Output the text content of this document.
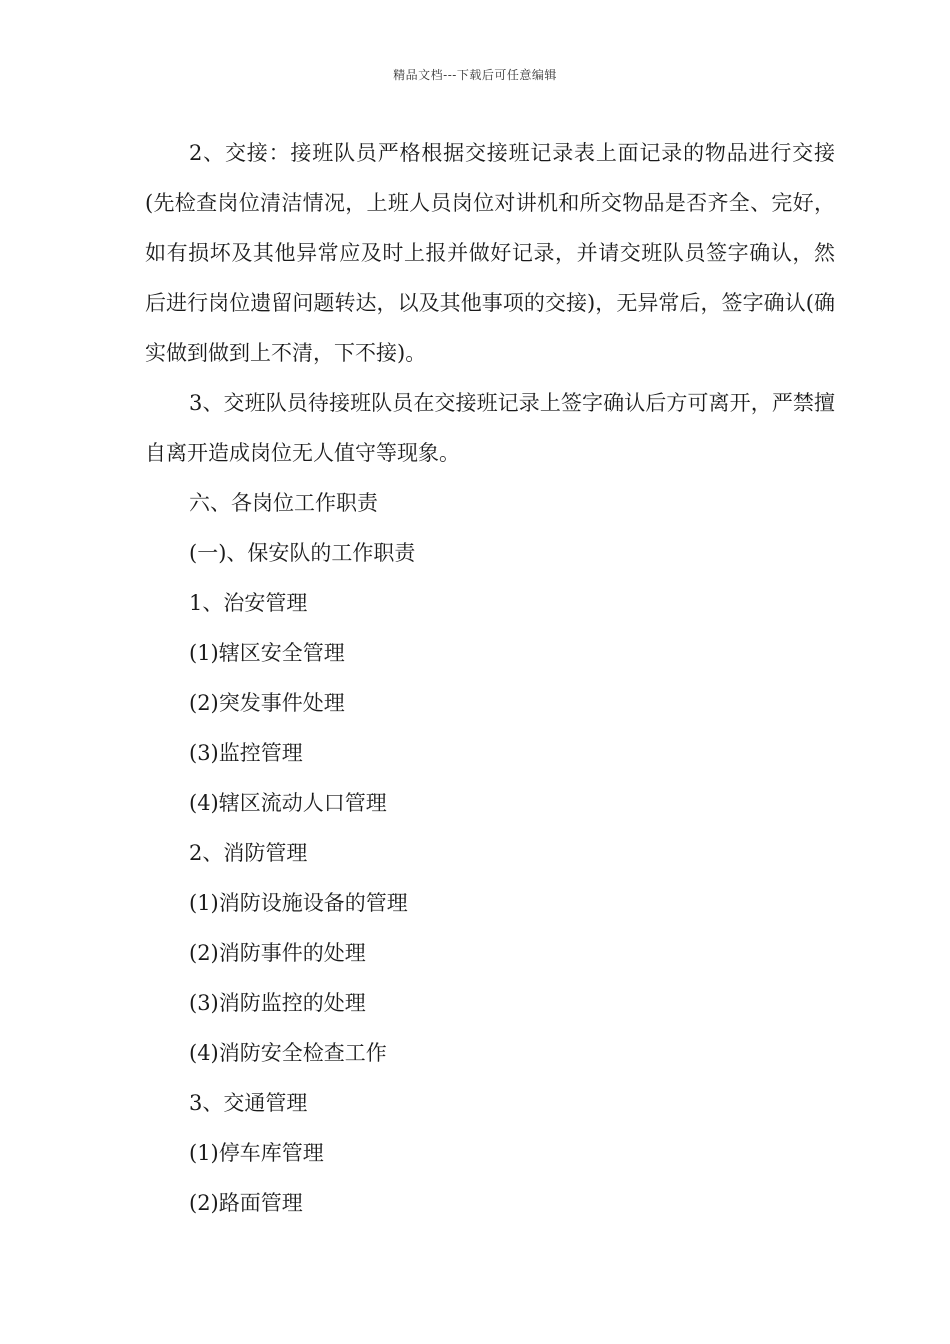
精品文档---下载后可任意编辑

2、交接：接班队员严格根据交接班记录表上面记录的物品进行交接(先检查岗位清洁情况，上班人员岗位对讲机和所交物品是否齐全、完好，如有损坏及其他异常应及时上报并做好记录，并请交班队员签字确认，然后进行岗位遗留问题转达，以及其他事项的交接)，无异常后，签字确认(确实做到做到上不清，下不接)。

3、交班队员待接班队员在交接班记录上签字确认后方可离开，严禁擅自离开造成岗位无人值守等现象。

六、各岗位工作职责

(一)、保安队的工作职责

1、治安管理

(1)辖区安全管理

(2)突发事件处理

(3)监控管理

(4)辖区流动人口管理

2、消防管理

(1)消防设施设备的管理

(2)消防事件的处理

(3)消防监控的处理

(4)消防安全检查工作

3、交通管理

(1)停车库管理

(2)路面管理
